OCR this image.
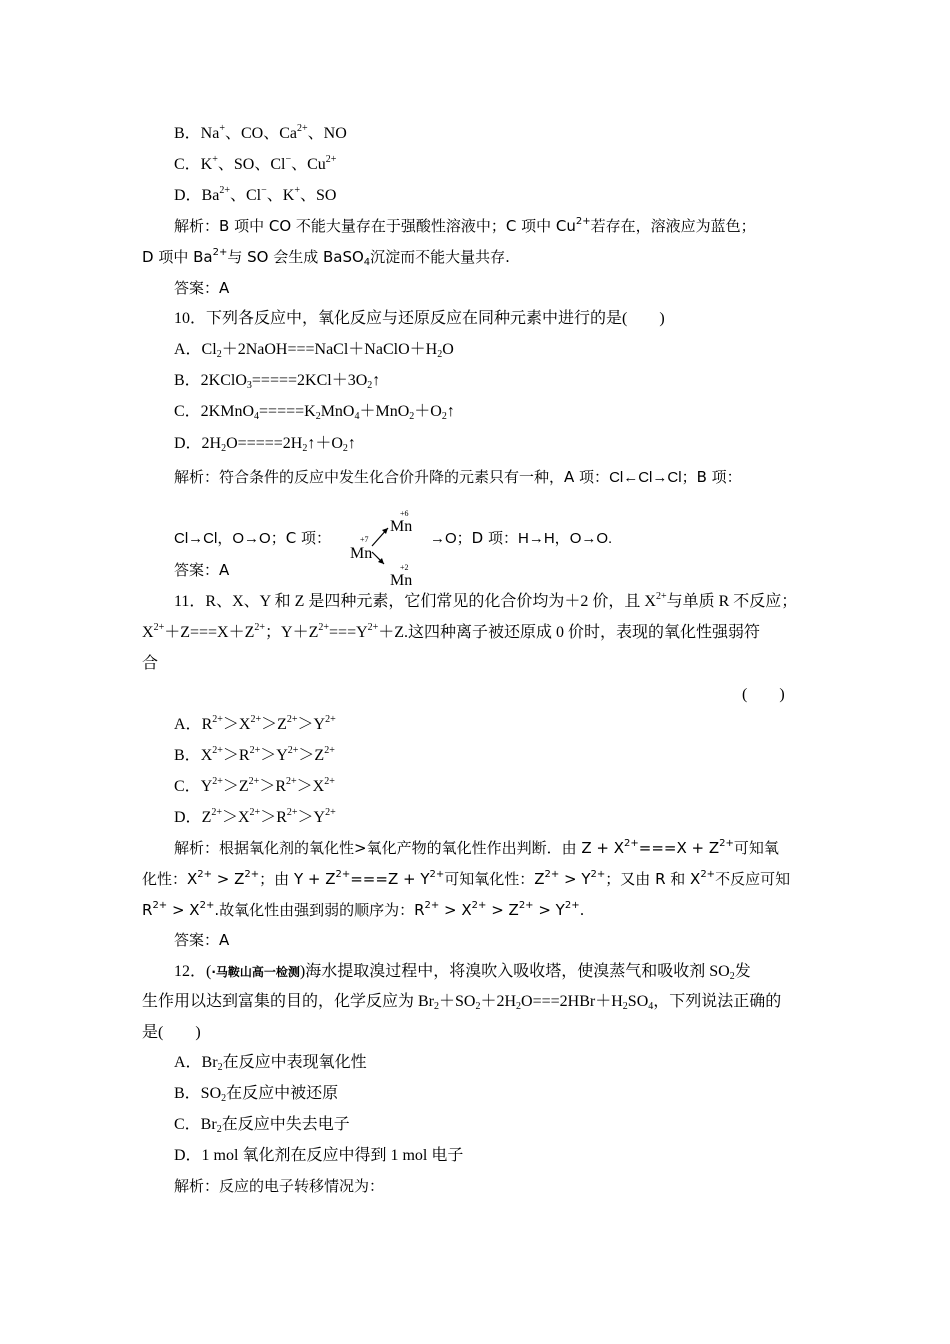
B．Na+、CO、$Ca^{2+}$、NO
C．K+、SO、Cl−、$Cu^{2+}$
D．$Ba^{2+}$、Cl−、K+、SO
解析：B 项中 CO 不能大量存在于强酸性溶液中；C 项中 $Cu^{2+}$若存在，溶液应为蓝色；
D 项中 $Ba^{2+}$与 SO 会生成 BaSO$_4$沉淀而不能大量共存.
答案：A
10．下列各反应中，氧化反应与还原反应在同种元素中进行的是(　　)
A．$Cl_2+2NaOH===NaCl+NaClO+H_2O$
B．$2KClO_3=====2KCl+3O_2↑$
C．$2KMnO_4=====K_2MnO_4+MnO_2+O_2↑$
D．$2H_2O=====2H_2↑+O_2↑$
解析：符合条件的反应中发生化合价升降的元素只有一种，A 项：Cl←Cl→Cl；B 项：
Cl→Cl，O→O；C 项：
+6
Mn
+7
Mn
+2
Mn
→O；D 项：H→H，O→O.
答案：A
11．R、X、Y 和 Z 是四种元素，它们常见的化合价均为＋2 价，且 $X^{2+}$与单质 R 不反应；
$X^{2+}+Z===X+Z^{2+}$；$Y+Z^{2+}===Y^{2+}+Z$.这四种离子被还原成 0 价时，表现的氧化性强弱符
合
(　　)
A．$R^{2+}>X^{2+}>Z^{2+}>Y^{2+}$
B．$X^{2+}>R^{2+}>Y^{2+}>Z^{2+}$
C．$Y^{2+}>Z^{2+}>R^{2+}>X^{2+}$
D．$Z^{2+}>X^{2+}>R^{2+}>Y^{2+}$
解析：根据氧化剂的氧化性>氧化产物的氧化性作出判断．由 $Z + X^{2+}===X + Z^{2+}$可知氧
化性：$X^{2+} > Z^{2+}$；由 $Y + Z^{2+}===Z + Y^{2+}$可知氧化性：$Z^{2+} > Y^{2+}$；又由 R 和 $X^{2+}$不反应可知
$R^{2+} > X^{2+}$.故氧化性由强到弱的顺序为：$R^{2+} > X^{2+} > Z^{2+} > Y^{2+}$.
答案：A
12．(·马鞍山高一检测)海水提取溴过程中，将溴吹入吸收塔，使溴蒸气和吸收剂 $SO_2$发
生作用以达到富集的目的，化学反应为 $Br_2+SO_2+2H_2O===2HBr+H_2SO_4$，下列说法正确的
是(　　)
A．$Br_2$在反应中表现氧化性
B．$SO_2$在反应中被还原
C．$Br_2$在反应中失去电子
D．1 mol 氧化剂在反应中得到 1 mol 电子
解析：反应的电子转移情况为：
